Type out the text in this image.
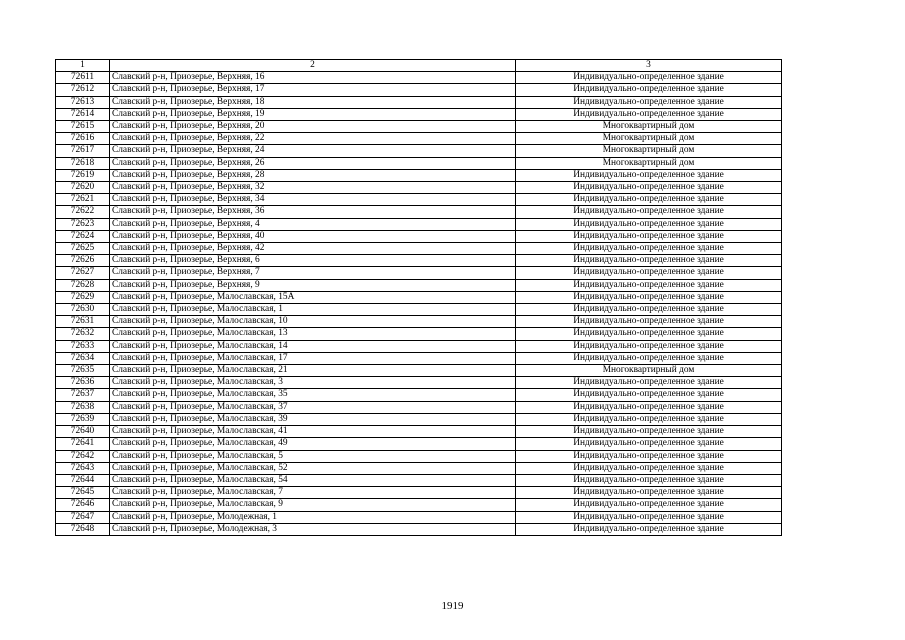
1	2	3
72611	Славский р-н, Приозерье, Верхняя, 16	Индивидуально-определенное здание
72612	Славский р-н, Приозерье, Верхняя, 17	Индивидуально-определенное здание
72613	Славский р-н, Приозерье, Верхняя, 18	Индивидуально-определенное здание
72614	Славский р-н, Приозерье, Верхняя, 19	Индивидуально-определенное здание
72615	Славский р-н, Приозерье, Верхняя, 20	Многоквартирный дом
72616	Славский р-н, Приозерье, Верхняя, 22	Многоквартирный дом
72617	Славский р-н, Приозерье, Верхняя, 24	Многоквартирный дом
72618	Славский р-н, Приозерье, Верхняя, 26	Многоквартирный дом
72619	Славский р-н, Приозерье, Верхняя, 28	Индивидуально-определенное здание
72620	Славский р-н, Приозерье, Верхняя, 32	Индивидуально-определенное здание
72621	Славский р-н, Приозерье, Верхняя, 34	Индивидуально-определенное здание
72622	Славский р-н, Приозерье, Верхняя, 36	Индивидуально-определенное здание
72623	Славский р-н, Приозерье, Верхняя, 4	Индивидуально-определенное здание
72624	Славский р-н, Приозерье, Верхняя, 40	Индивидуально-определенное здание
72625	Славский р-н, Приозерье, Верхняя, 42	Индивидуально-определенное здание
72626	Славский р-н, Приозерье, Верхняя, 6	Индивидуально-определенное здание
72627	Славский р-н, Приозерье, Верхняя, 7	Индивидуально-определенное здание
72628	Славский р-н, Приозерье, Верхняя, 9	Индивидуально-определенное здание
72629	Славский р-н, Приозерье, Малославская, 15А	Индивидуально-определенное здание
72630	Славский р-н, Приозерье, Малославская, 1	Индивидуально-определенное здание
72631	Славский р-н, Приозерье, Малославская, 10	Индивидуально-определенное здание
72632	Славский р-н, Приозерье, Малославская, 13	Индивидуально-определенное здание
72633	Славский р-н, Приозерье, Малославская, 14	Индивидуально-определенное здание
72634	Славский р-н, Приозерье, Малославская, 17	Индивидуально-определенное здание
72635	Славский р-н, Приозерье, Малославская, 21	Многоквартирный дом
72636	Славский р-н, Приозерье, Малославская, 3	Индивидуально-определенное здание
72637	Славский р-н, Приозерье, Малославская, 35	Индивидуально-определенное здание
72638	Славский р-н, Приозерье, Малославская, 37	Индивидуально-определенное здание
72639	Славский р-н, Приозерье, Малославская, 39	Индивидуально-определенное здание
72640	Славский р-н, Приозерье, Малославская, 41	Индивидуально-определенное здание
72641	Славский р-н, Приозерье, Малославская, 49	Индивидуально-определенное здание
72642	Славский р-н, Приозерье, Малославская, 5	Индивидуально-определенное здание
72643	Славский р-н, Приозерье, Малославская, 52	Индивидуально-определенное здание
72644	Славский р-н, Приозерье, Малославская, 54	Индивидуально-определенное здание
72645	Славский р-н, Приозерье, Малославская, 7	Индивидуально-определенное здание
72646	Славский р-н, Приозерье, Малославская, 9	Индивидуально-определенное здание
72647	Славский р-н, Приозерье, Молодежная, 1	Индивидуально-определенное здание
72648	Славский р-н, Приозерье, Молодежная, 3	Индивидуально-определенное здание
1919
